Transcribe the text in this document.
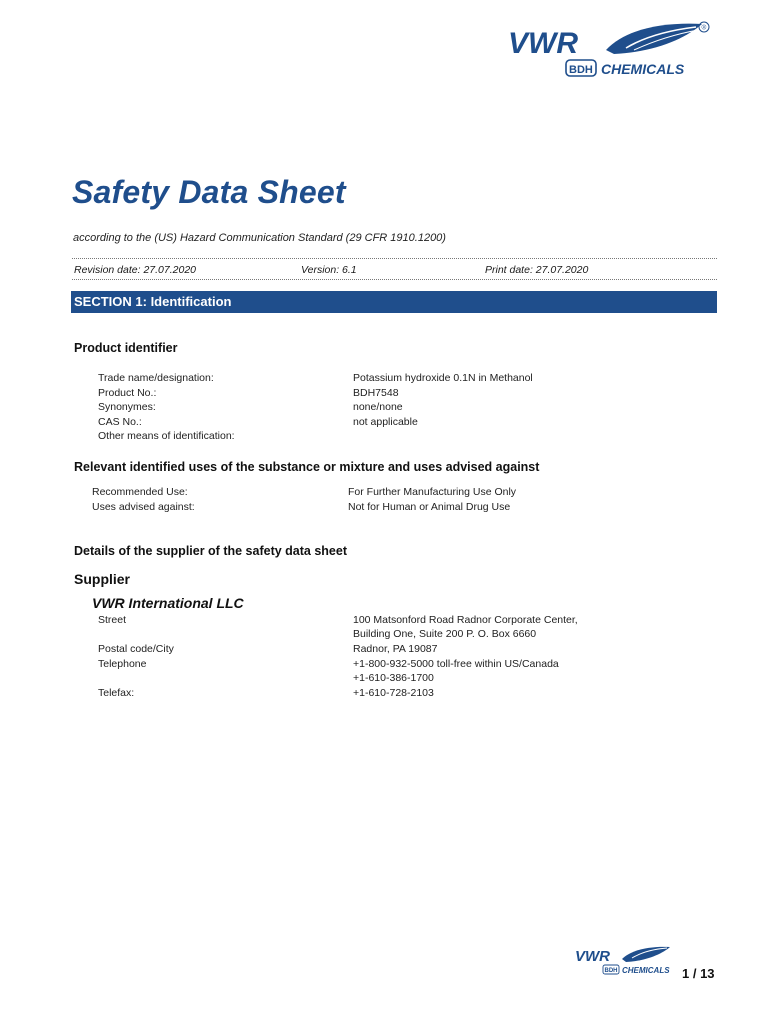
VWR	®
BDH CHEMICALS
Safety Data Sheet
according to the (US) Hazard Communication Standard (29 CFR 1910.1200)
Revision date: 27.07.2020	Version: 6.1	Print date: 27.07.2020
SECTION 1: Identification
Product identifier
Trade name/designation:	Potassium hydroxide 0.1N in Methanol
Product No.:	BDH7548
Synonymes:	none/none
CAS No.:	not applicable
Other means of identification:
Relevant identified uses of the substance or mixture and uses advised against
Recommended Use:	For Further Manufacturing Use Only
Uses advised against:	Not for Human or Animal Drug Use
Details of the supplier of the safety data sheet
Supplier
VWR International LLC
Street	100 Matsonford Road Radnor Corporate Center,
Building One, Suite 200 P. O. Box 6660
Postal code/City	Radnor, PA 19087
Telephone	+1-800-932-5000 toll-free within US/Canada
+1-610-386-1700
Telefax:	+1-610-728-2103
VWR
BDH CHEMICALS 1 / 13
